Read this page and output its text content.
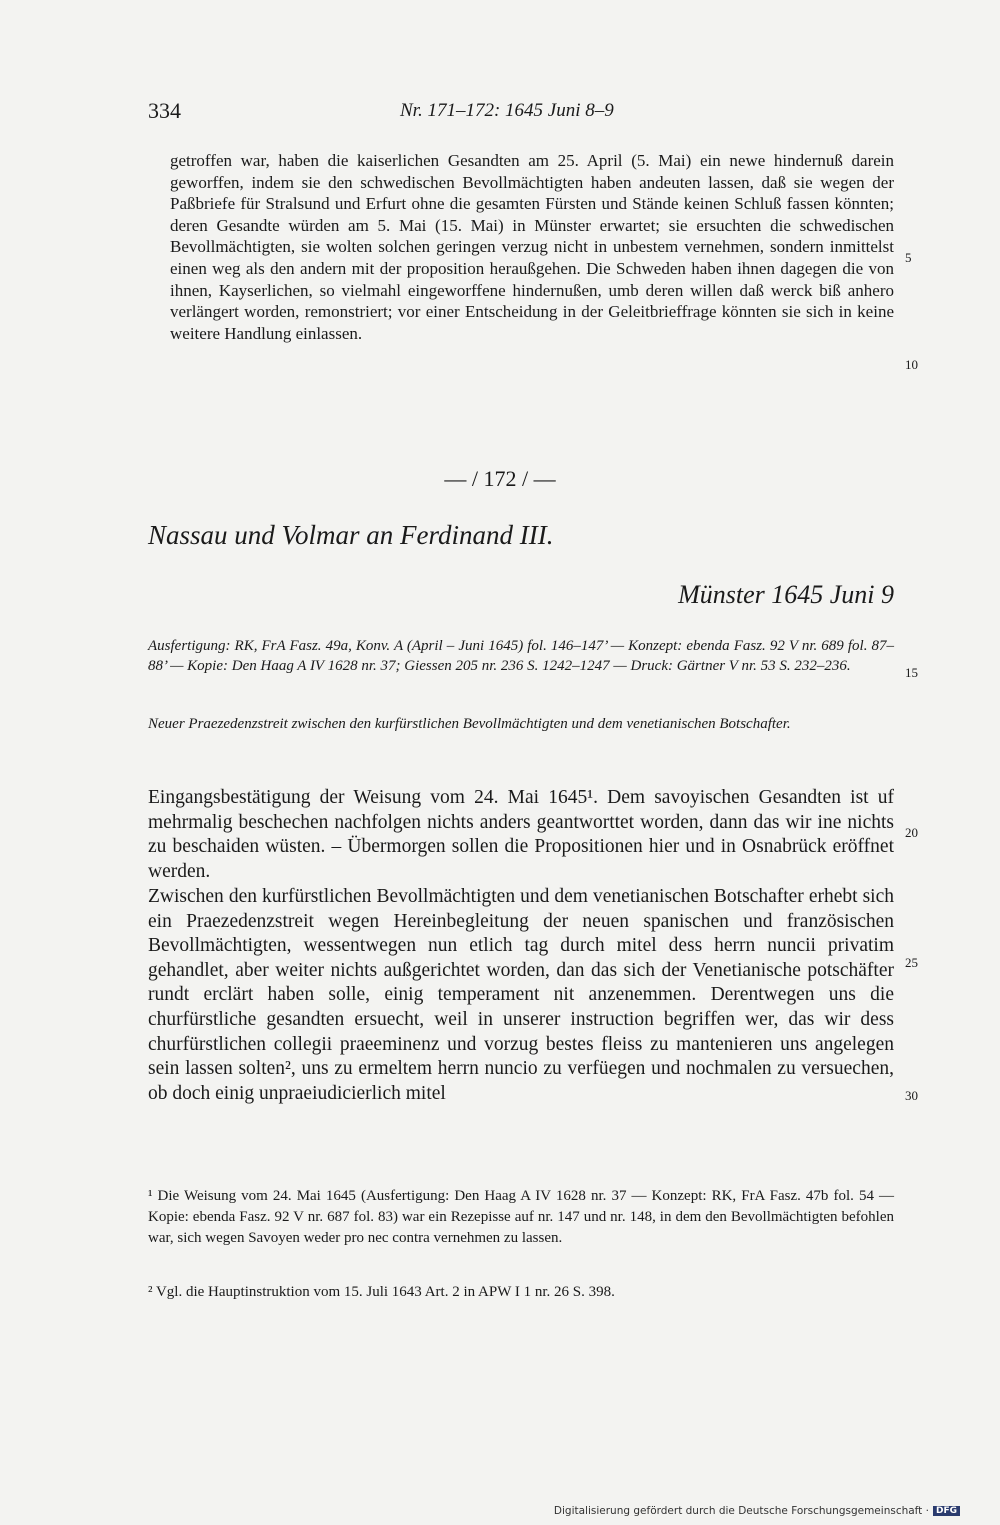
334	Nr. 171–172: 1645 Juni 8–9

getroffen war, haben die kaiserlichen Gesandten am 25. April (5. Mai) ein newe hindernuß darein geworffen, indem sie den schwedischen Bevollmächtigten haben andeuten lassen, daß sie wegen der Paßbriefe für Stralsund und Erfurt ohne die gesamten Fürsten und Stände keinen Schluß fassen könnten; deren Gesandte würden am 5. Mai (15. Mai) in Münster erwartet; sie ersuchten die schwedischen Bevollmächtigten, sie wolten solchen geringen verzug nicht in unbestem vernehmen, sondern inmittelst einen weg als den andern mit der proposition heraußgehen. Die Schweden haben ihnen dagegen die von ihnen, Kayserlichen, so vielmahl eingeworffene hindernußen, umb deren willen daß werck biß anhero verlängert worden, remonstriert; vor einer Entscheidung in der Geleitbrieffrage könnten sie sich in keine weitere Handlung einlassen.

5
10
— / 172 / —
Nassau und Volmar an Ferdinand III.
Münster 1645 Juni 9

Ausfertigung: RK, FrA Fasz. 49a, Konv. A (April – Juni 1645) fol. 146–147’ — Konzept: ebenda Fasz. 92 V nr. 689 fol. 87–88’ — Kopie: Den Haag A IV 1628 nr. 37; Giessen 205 nr. 236 S. 1242–1247 — Druck: Gärtner V nr. 53 S. 232–236.	15

Neuer Praezedenzstreit zwischen den kurfürstlichen Bevollmächtigten und dem venetianischen Botschafter.

Eingangsbestätigung der Weisung vom 24. Mai 1645¹. Dem savoyischen Gesandten ist uf mehrmalig beschechen nachfolgen nichts anders geantworttet worden, dann das wir ine nichts zu beschaiden wüsten. – Übermorgen sollen die Propositionen hier und in Osnabrück eröffnet werden.

20

Zwischen den kurfürstlichen Bevollmächtigten und dem venetianischen Botschafter erhebt sich ein Praezedenzstreit wegen Hereinbegleitung der neuen spanischen und französischen Bevollmächtigten, wessentwegen nun etlich tag durch mitel dess herrn nuncii privatim gehandlet, aber weiter nichts außgerichtet worden, dan das sich der Venetianische potschäfter rundt erclärt haben solle, einig temperament nit anzenemmen. Derentwegen uns die churfürstliche gesandten ersuecht, weil in unserer instruction begriffen wer, das wir dess churfürstlichen collegii praeeminenz und vorzug bestes fleiss zu mantenieren uns angelegen sein lassen solten², uns zu ermeltem herrn nuncio zu verfüegen und nochmalen zu versuechen, ob doch einig unpraeiudicierlich mitel

25
30

¹ Die Weisung vom 24. Mai 1645 (Ausfertigung: Den Haag A IV 1628 nr. 37 — Konzept: RK, FrA Fasz. 47b fol. 54 — Kopie: ebenda Fasz. 92 V nr. 687 fol. 83) war ein Rezepisse auf nr. 147 und nr. 148, in dem den Bevollmächtigten befohlen war, sich wegen Savoyen weder pro nec contra vernehmen zu lassen.

² Vgl. die Hauptinstruktion vom 15. Juli 1643 Art. 2 in APW I 1 nr. 26 S. 398.

Digitalisierung gefördert durch die Deutsche Forschungsgemeinschaft · DFG
